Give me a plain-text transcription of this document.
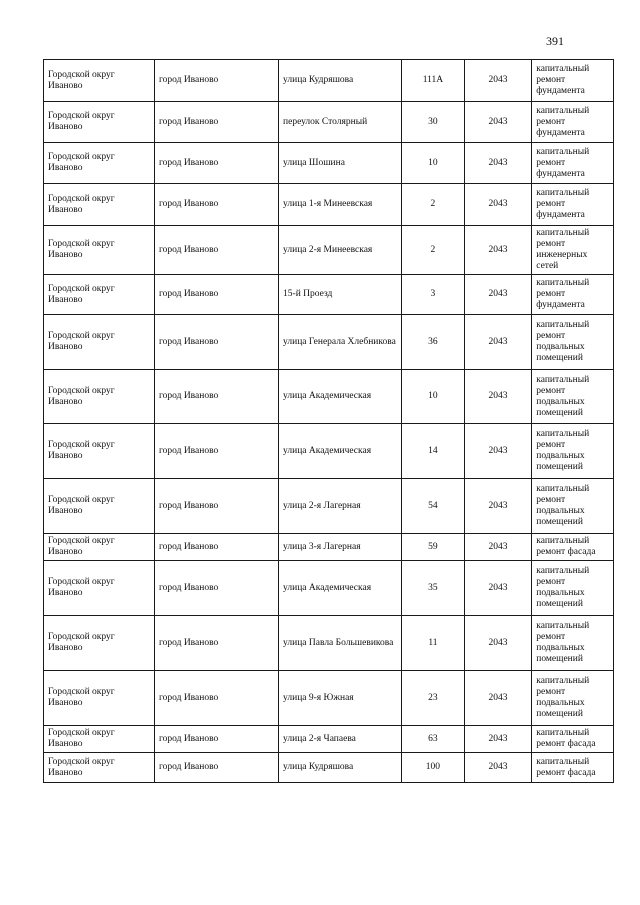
391
Городской округ Иваново	город Иваново	улица Кудряшова	111А	2043	капитальный ремонт фундамента
Городской округ Иваново	город Иваново	переулок Столярный	30	2043	капитальный ремонт фундамента
Городской округ Иваново	город Иваново	улица Шошина	10	2043	капитальный ремонт фундамента
Городской округ Иваново	город Иваново	улица 1-я Минеевская	2	2043	капитальный ремонт фундамента
Городской округ Иваново	город Иваново	улица 2-я Минеевская	2	2043	капитальный ремонт инженерных сетей
Городской округ Иваново	город Иваново	15-й Проезд	3	2043	капитальный ремонт фундамента
Городской округ Иваново	город Иваново	улица Генерала Хлебникова	36	2043	капитальный ремонт подвальных помещений
Городской округ Иваново	город Иваново	улица Академическая	10	2043	капитальный ремонт подвальных помещений
Городской округ Иваново	город Иваново	улица Академическая	14	2043	капитальный ремонт подвальных помещений
Городской округ Иваново	город Иваново	улица 2-я Лагерная	54	2043	капитальный ремонт подвальных помещений
Городской округ Иваново	город Иваново	улица 3-я Лагерная	59	2043	капитальный ремонт фасада
Городской округ Иваново	город Иваново	улица Академическая	35	2043	капитальный ремонт подвальных помещений
Городской округ Иваново	город Иваново	улица Павла Большевикова	11	2043	капитальный ремонт подвальных помещений
Городской округ Иваново	город Иваново	улица 9-я Южная	23	2043	капитальный ремонт подвальных помещений
Городской округ Иваново	город Иваново	улица 2-я Чапаева	63	2043	капитальный ремонт фасада
Городской округ Иваново	город Иваново	улица Кудряшова	100	2043	капитальный ремонт фасада
